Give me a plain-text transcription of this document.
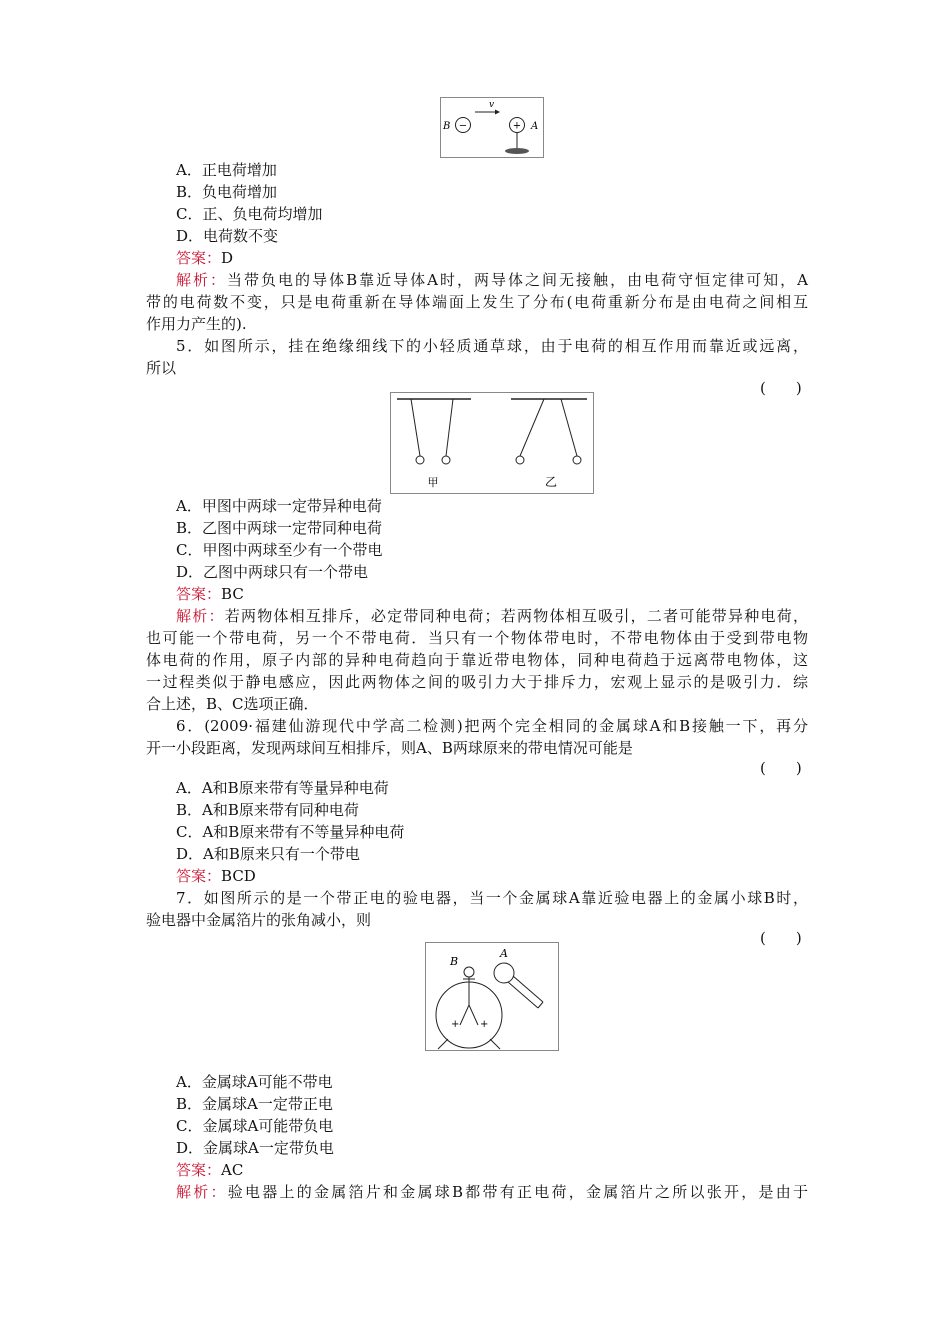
B −
v
+ A
A．正电荷增加
B．负电荷增加
C．正、负电荷均增加
D．电荷数不变
答案：D
解析：当带负电的导体B靠近导体A时，两导体之间无接触，由电荷守恒定律可知，A
带的电荷数不变，只是电荷重新在导体端面上发生了分布(电荷重新分布是由电荷之间相互
作用力产生的).
5．如图所示，挂在绝缘细线下的小轻质通草球，由于电荷的相互作用而靠近或远离，
所以
(　　)
甲	乙
A．甲图中两球一定带异种电荷
B．乙图中两球一定带同种电荷
C．甲图中两球至少有一个带电
D．乙图中两球只有一个带电
答案：BC
解析：若两物体相互排斥，必定带同种电荷；若两物体相互吸引，二者可能带异种电荷，
也可能一个带电荷，另一个不带电荷．当只有一个物体带电时，不带电物体由于受到带电物
体电荷的作用，原子内部的异种电荷趋向于靠近带电物体，同种电荷趋于远离带电物体，这
一过程类似于静电感应，因此两物体之间的吸引力大于排斥力，宏观上显示的是吸引力．综
合上述，B、C选项正确．
6．(2009·福建仙游现代中学高二检测)把两个完全相同的金属球A和B接触一下，再分
开一小段距离，发现两球间互相排斥，则A、B两球原来的带电情况可能是
(　　)
A．A和B原来带有等量异种电荷
B．A和B原来带有同种电荷
C．A和B原来带有不等量异种电荷
D．A和B原来只有一个带电
答案：BCD
7．如图所示的是一个带正电的验电器，当一个金属球A靠近验电器上的金属小球B时，
验电器中金属箔片的张角减小，则
(　　)
B
+ +
A
A．金属球A可能不带电
B．金属球A一定带正电
C．金属球A可能带负电
D．金属球A一定带负电
答案：AC
解析：验电器上的金属箔片和金属球B都带有正电荷，金属箔片之所以张开，是由于
